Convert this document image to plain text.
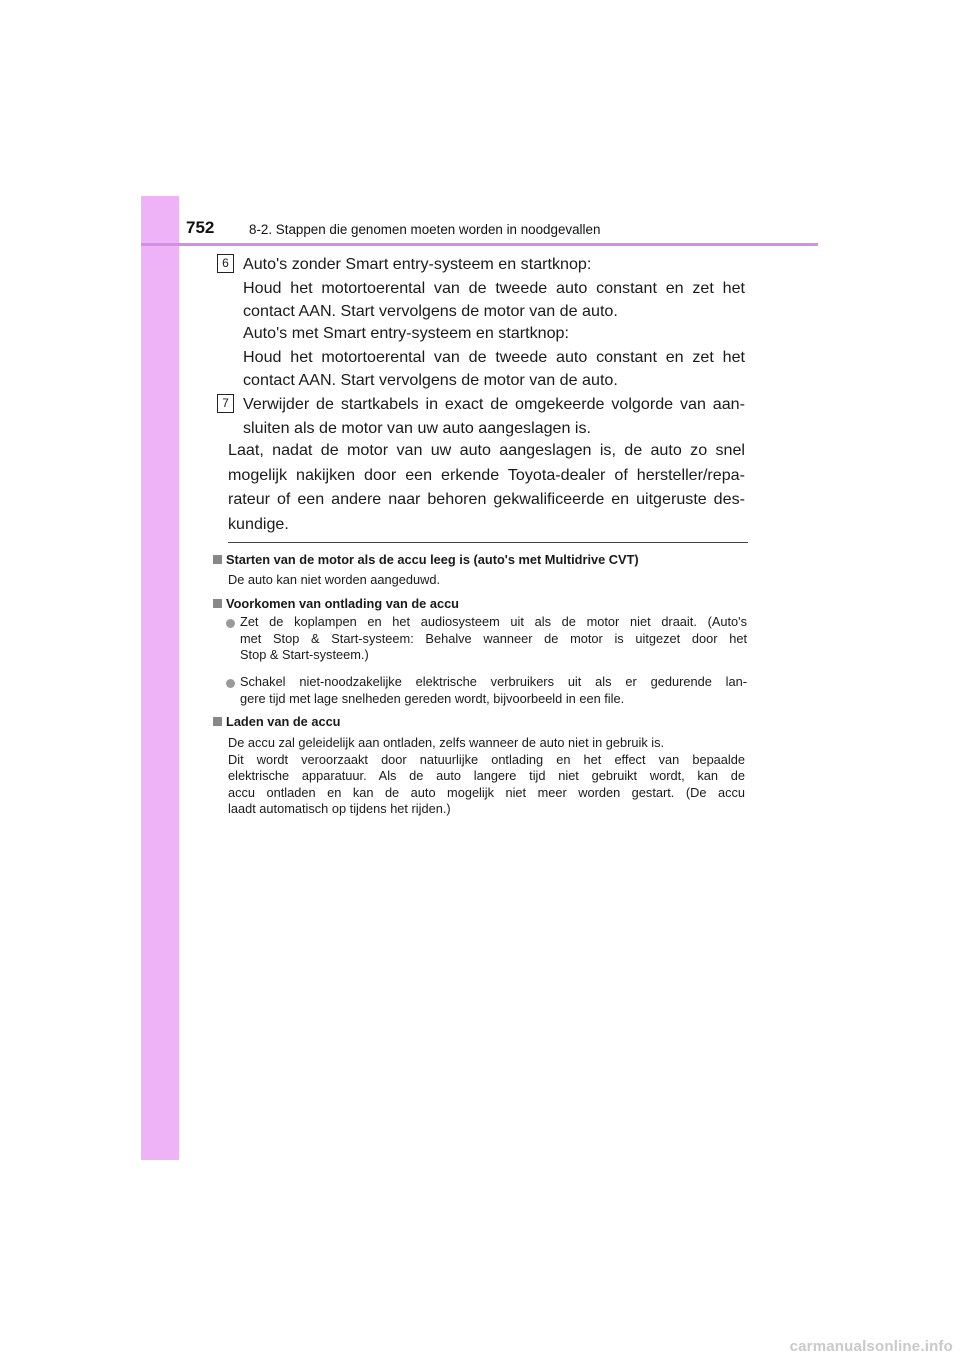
752	8-2. Stappen die genomen moeten worden in noodgevallen
6 Auto's zonder Smart entry-systeem en startknop:
Houd het motortoerental van de tweede auto constant en zet het
contact AAN. Start vervolgens de motor van de auto.
Auto's met Smart entry-systeem en startknop:
Houd het motortoerental van de tweede auto constant en zet het
contact AAN. Start vervolgens de motor van de auto.
7 Verwijder de startkabels in exact de omgekeerde volgorde van aan-
sluiten als de motor van uw auto aangeslagen is.
Laat, nadat de motor van uw auto aangeslagen is, de auto zo snel
mogelijk nakijken door een erkende Toyota-dealer of hersteller/repa-
rateur of een andere naar behoren gekwalificeerde en uitgeruste des-
kundige.
Starten van de motor als de accu leeg is (auto's met Multidrive CVT)
De auto kan niet worden aangeduwd.
Voorkomen van ontlading van de accu
Zet de koplampen en het audiosysteem uit als de motor niet draait. (Auto's
met Stop & Start-systeem: Behalve wanneer de motor is uitgezet door het
Stop & Start-systeem.)
Schakel niet-noodzakelijke elektrische verbruikers uit als er gedurende lan-
gere tijd met lage snelheden gereden wordt, bijvoorbeeld in een file.
Laden van de accu
De accu zal geleidelijk aan ontladen, zelfs wanneer de auto niet in gebruik is.
Dit wordt veroorzaakt door natuurlijke ontlading en het effect van bepaalde
elektrische apparatuur. Als de auto langere tijd niet gebruikt wordt, kan de
accu ontladen en kan de auto mogelijk niet meer worden gestart. (De accu
laadt automatisch op tijdens het rijden.)
carmanualsonline.info
